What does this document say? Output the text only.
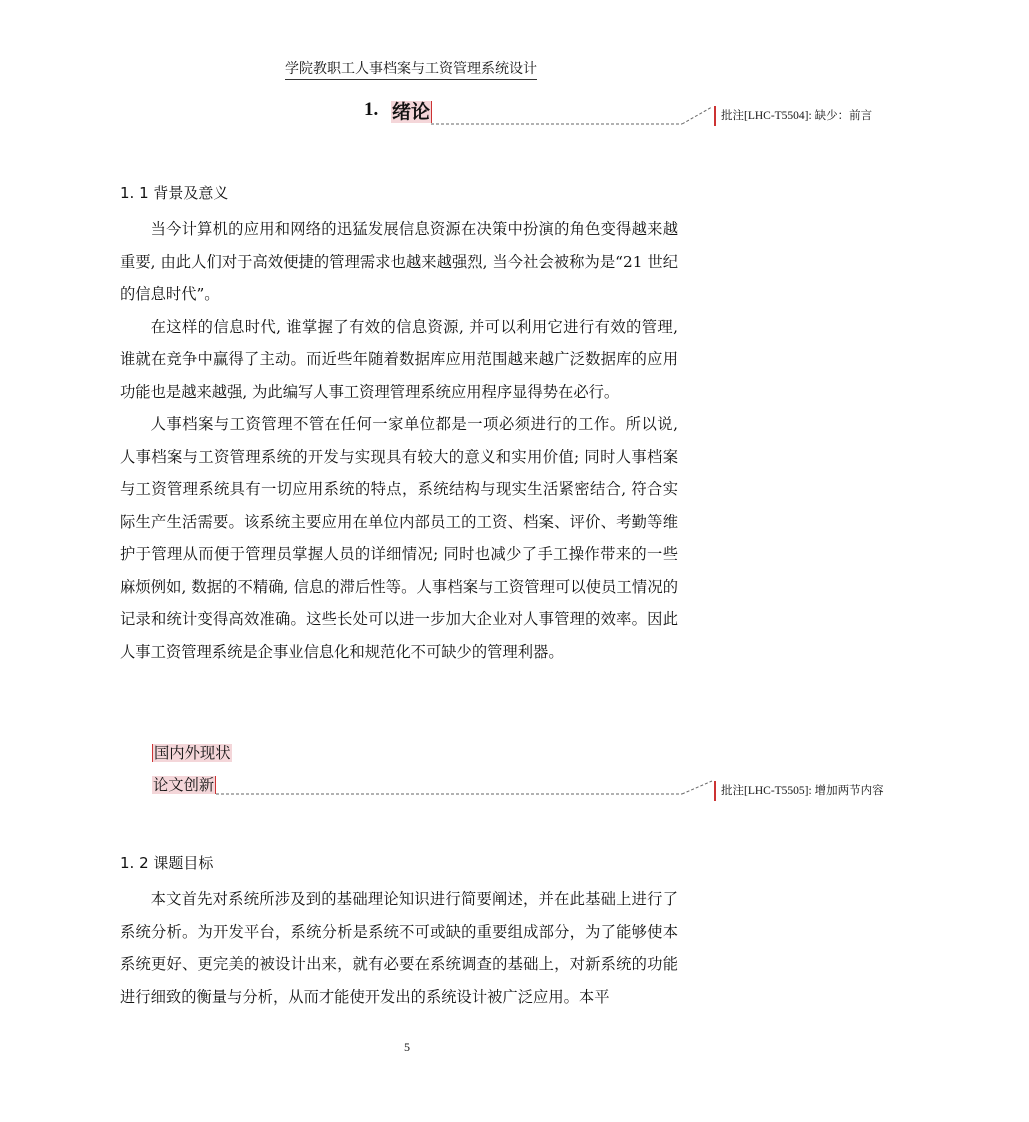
学院教职工人事档案与工资管理系统设计
1. 绪论	批注[LHC-T5504]: 缺少：前言
1. 1 背景及意义

当今计算机的应用和网络的迅猛发展信息资源在决策中扮演的角色变得越来越重要, 由此人们对于高效便捷的管理需求也越来越强烈, 当今社会被称为是“21 世纪的信息时代”。

在这样的信息时代, 谁掌握了有效的信息资源, 并可以利用它进行有效的管理, 谁就在竞争中赢得了主动。而近些年随着数据库应用范围越来越广泛数据库的应用功能也是越来越强, 为此编写人事工资理管理系统应用程序显得势在必行。

人事档案与工资管理不管在任何一家单位都是一项必须进行的工作。所以说, 人事档案与工资管理系统的开发与实现具有较大的意义和实用价值; 同时人事档案与工资管理系统具有一切应用系统的特点，系统结构与现实生活紧密结合, 符合实际生产生活需要。该系统主要应用在单位内部员工的工资、档案、评价、考勤等维护于管理从而便于管理员掌握人员的详细情况; 同时也减少了手工操作带来的一些麻烦例如, 数据的不精确, 信息的滞后性等。人事档案与工资管理可以使员工情况的记录和统计变得高效准确。这些长处可以进一步加大企业对人事管理的效率。因此人事工资管理系统是企事业信息化和规范化不可缺少的管理利器。

国内外现状
论文创新	批注[LHC-T5505]: 增加两节内容
1. 2 课题目标

本文首先对系统所涉及到的基础理论知识进行简要阐述，并在此基础上进行了系统分析。为开发平台，系统分析是系统不可或缺的重要组成部分，为了能够使本系统更好、更完美的被设计出来，就有必要在系统调查的基础上，对新系统的功能进行细致的衡量与分析，从而才能使开发出的系统设计被广泛应用。本平

5
